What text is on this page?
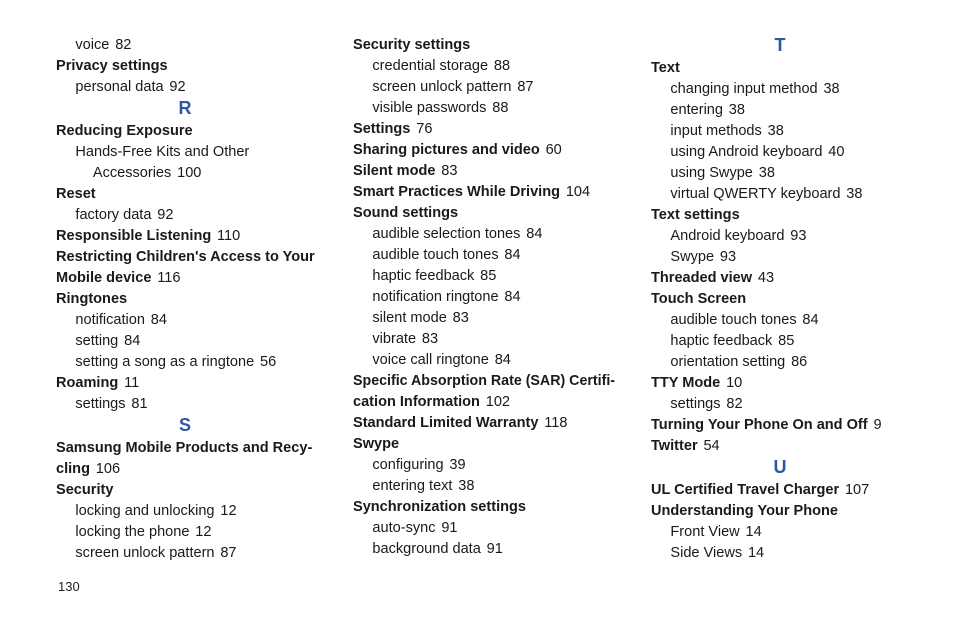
voice 82
Privacy settings
personal data 92
R
Reducing Exposure
Hands-Free Kits and Other
Accessories 100
Reset
factory data 92
Responsible Listening 110
Restricting Children's Access to Your
Mobile device 116
Ringtones
notification 84
setting 84
setting a song as a ringtone 56
Roaming 11
settings 81
S
Samsung Mobile Products and Recy-
cling 106
Security
locking and unlocking 12
locking the phone 12
screen unlock pattern 87
Security settings
credential storage 88
screen unlock pattern 87
visible passwords 88
Settings 76
Sharing pictures and video 60
Silent mode 83
Smart Practices While Driving 104
Sound settings
audible selection tones 84
audible touch tones 84
haptic feedback 85
notification ringtone 84
silent mode 83
vibrate 83
voice call ringtone 84
Specific Absorption Rate (SAR) Certifi-
cation Information 102
Standard Limited Warranty 118
Swype
configuring 39
entering text 38
Synchronization settings
auto-sync 91
background data 91
T
Text
changing input method 38
entering 38
input methods 38
using Android keyboard 40
using Swype 38
virtual QWERTY keyboard 38
Text settings
Android keyboard 93
Swype 93
Threaded view 43
Touch Screen
audible touch tones 84
haptic feedback 85
orientation setting 86
TTY Mode 10
settings 82
Turning Your Phone On and Off 9
Twitter 54
U
UL Certified Travel Charger 107
Understanding Your Phone
Front View 14
Side Views 14
130
